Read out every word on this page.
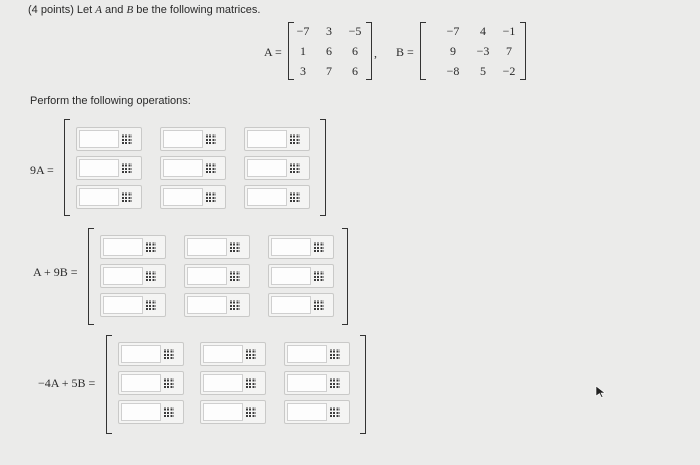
(4 points) Let A and B be the following matrices.
A =
−7	3	−5
1	6	6
3	7	6
, B =
−7	4	−1
9	−3	7
−8	5	−2
Perform the following operations:
9A =
A + 9B =
−4A + 5B =
